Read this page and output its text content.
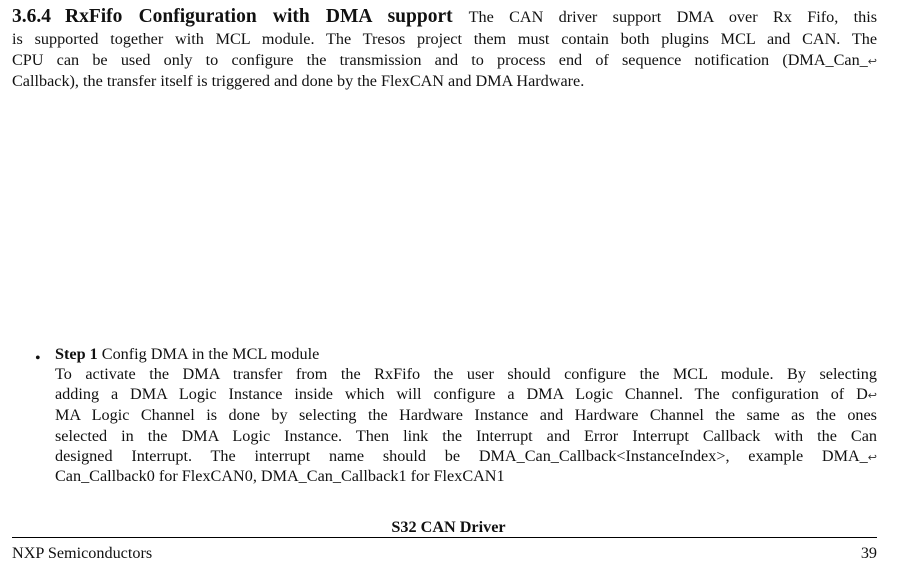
3.6.4 RxFifo Configuration with DMA support The CAN driver support DMA over Rx Fifo, this
is supported together with MCL module. The Tresos project them must contain both plugins MCL and CAN. The
CPU can be used only to configure the transmission and to process end of sequence notification (DMA_Can_↩
Callback), the transfer itself is triggered and done by the FlexCAN and DMA Hardware.
• Step 1 Config DMA in the MCL module
To activate the DMA transfer from the RxFifo the user should configure the MCL module. By selecting
adding a DMA Logic Instance inside which will configure a DMA Logic Channel. The configuration of D↩
MA Logic Channel is done by selecting the Hardware Instance and Hardware Channel the same as the ones
selected in the DMA Logic Instance. Then link the Interrupt and Error Interrupt Callback with the Can
designed Interrupt. The interrupt name should be DMA_Can_Callback<InstanceIndex>, example DMA_↩
Can_Callback0 for FlexCAN0, DMA_Can_Callback1 for FlexCAN1
S32 CAN Driver
NXP Semiconductors	39
